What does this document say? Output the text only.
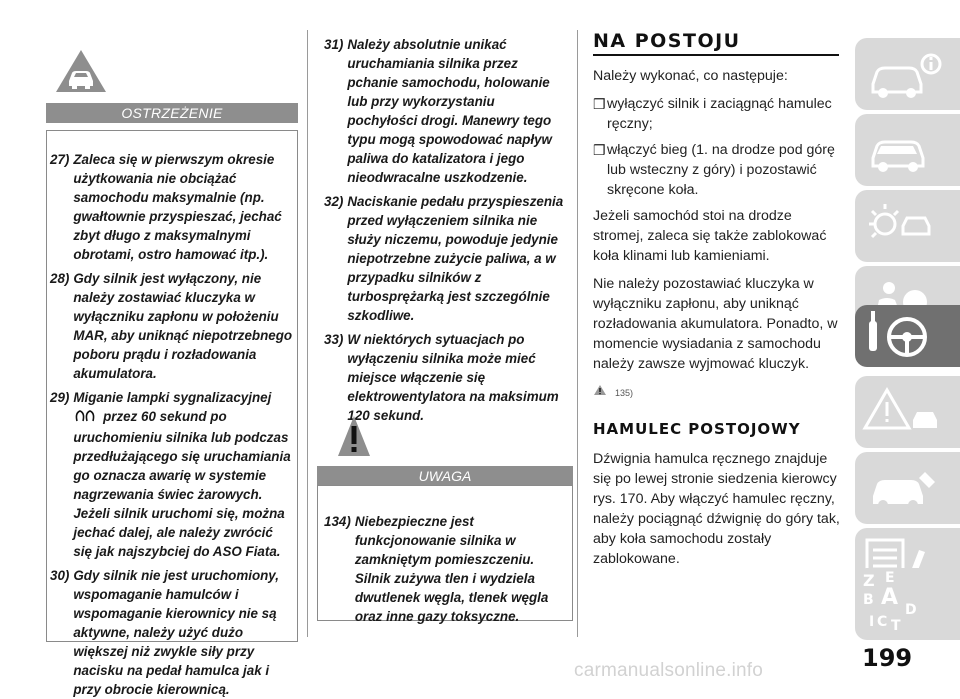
OSTRZEŻENIE
27) Zaleca się w pierwszym okresie użytkowania nie obciążać samochodu maksymalnie (np. gwałtownie przyspieszać, jechać zbyt długo z maksymalnymi obrotami, ostro hamować itp.).
28) Gdy silnik jest wyłączony, nie należy zostawiać kluczyka w wyłączniku zapłonu w położeniu MAR, aby uniknąć niepotrzebnego poboru prądu i rozładowania akumulatora.
29) Miganie lampki sygnalizacyjnej
przez 60 sekund po uruchomieniu silnika lub podczas przedłużającego się uruchamiania go oznacza awarię w systemie nagrzewania świec żarowych. Jeżeli silnik uruchomi się, można jechać dalej, ale należy zwrócić się jak najszybciej do ASO Fiata.
30) Gdy silnik nie jest uruchomiony, wspomaganie hamulców i wspomaganie kierownicy nie są aktywne, należy użyć dużo większej niż zwykle siły przy nacisku na pedał hamulca jak i przy obrocie kierownicą.
31) Należy absolutnie unikać uruchamiania silnika przez pchanie samochodu, holowanie lub przy wykorzystaniu pochyłości drogi. Manewry tego typu mogą spowodować napływ paliwa do katalizatora i jego nieodwracalne uszkodzenie.
32) Naciskanie pedału przyspieszenia przed wyłączeniem silnika nie służy niczemu, powoduje jedynie niepotrzebne zużycie paliwa, a w przypadku silników z turbosprężarką jest szczególnie szkodliwe.
33) W niektórych sytuacjach po wyłączeniu silnika może mieć miejsce włączenie się elektrowentylatora na maksimum 120 sekund.
UWAGA
134) Niebezpieczne jest funkcjonowanie silnika w zamkniętym pomieszczeniu. Silnik zużywa tlen i wydziela dwutlenek węgla, tlenek węgla oraz inne gazy toksyczne.
NA POSTOJU

Należy wykonać, co następuje:

❒ wyłączyć silnik i zaciągnąć hamulec ręczny;
❒ włączyć bieg (1. na drodze pod górę lub wsteczny z góry) i pozostawić skręcone koła.

Jeżeli samochód stoi na drodze stromej, zaleca się także zablokować koła klinami lub kamieniami.

Nie należy pozostawiać kluczyka w wyłączniku zapłonu, aby uniknąć rozładowania akumulatora. Ponadto, w momencie wysiadania z samochodu należy zawsze wyjmować kluczyk.

135)
HAMULEC POSTOJOWY

Dźwignia hamulca ręcznego znajduje się po lewej stronie siedzenia kierowcy rys. 170. Aby włączyć hamulec ręczny, należy pociągnąć dźwignię do góry tak, aby koła samochodu zostały zablokowane.

Z E
B A
I C T
D
199
carmanualsonline.info
